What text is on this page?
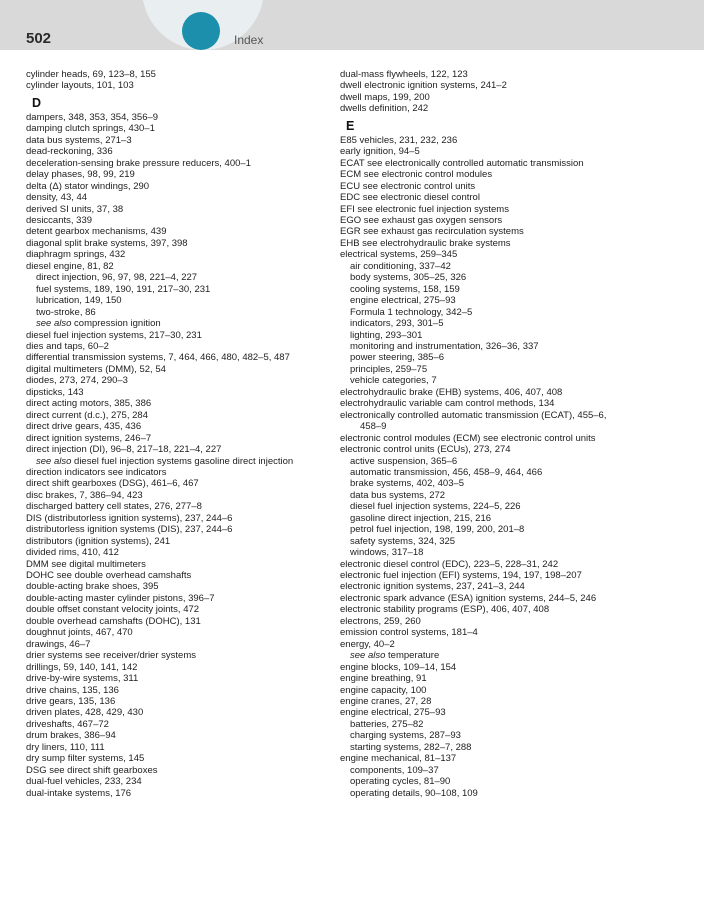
502	Index
cylinder heads, 69, 123–8, 155
cylinder layouts, 101, 103
D
dampers, 348, 353, 354, 356–9
damping clutch springs, 430–1
data bus systems, 271–3
dead-reckoning, 336
deceleration-sensing brake pressure reducers, 400–1
delay phases, 98, 99, 219
delta (Δ) stator windings, 290
density, 43, 44
derived SI units, 37, 38
desiccants, 339
detent gearbox mechanisms, 439
diagonal split brake systems, 397, 398
diaphragm springs, 432
diesel engine, 81, 82
direct injection, 96, 97, 98, 221–4, 227
fuel systems, 189, 190, 191, 217–30, 231
lubrication, 149, 150
two-stroke, 86
see also compression ignition
diesel fuel injection systems, 217–30, 231
dies and taps, 60–2
differential transmission systems, 7, 464, 466, 480, 482–5, 487
digital multimeters (DMM), 52, 54
diodes, 273, 274, 290–3
dipsticks, 143
direct acting motors, 385, 386
direct current (d.c.), 275, 284
direct drive gears, 435, 436
direct ignition systems, 246–7
direct injection (DI), 96–8, 217–18, 221–4, 227
see also diesel fuel injection systems gasoline direct injection
direction indicators see indicators
direct shift gearboxes (DSG), 461–6, 467
disc brakes, 7, 386–94, 423
discharged battery cell states, 276, 277–8
DIS (distributorless ignition systems), 237, 244–6
distributorless ignition systems (DIS), 237, 244–6
distributors (ignition systems), 241
divided rims, 410, 412
DMM see digital multimeters
DOHC see double overhead camshafts
double-acting brake shoes, 395
double-acting master cylinder pistons, 396–7
double offset constant velocity joints, 472
double overhead camshafts (DOHC), 131
doughnut joints, 467, 470
drawings, 46–7
drier systems see receiver/drier systems
drillings, 59, 140, 141, 142
drive-by-wire systems, 311
drive chains, 135, 136
drive gears, 135, 136
driven plates, 428, 429, 430
driveshafts, 467–72
drum brakes, 386–94
dry liners, 110, 111
dry sump filter systems, 145
DSG see direct shift gearboxes
dual-fuel vehicles, 233, 234
dual-intake systems, 176
dual-mass flywheels, 122, 123
dwell electronic ignition systems, 241–2
dwell maps, 199, 200
dwells definition, 242
E
E85 vehicles, 231, 232, 236
early ignition, 94–5
ECAT see electronically controlled automatic transmission
ECM see electronic control modules
ECU see electronic control units
EDC see electronic diesel control
EFI see electronic fuel injection systems
EGO see exhaust gas oxygen sensors
EGR see exhaust gas recirculation systems
EHB see electrohydraulic brake systems
electrical systems, 259–345
air conditioning, 337–42
body systems, 305–25, 326
cooling systems, 158, 159
engine electrical, 275–93
Formula 1 technology, 342–5
indicators, 293, 301–5
lighting, 293–301
monitoring and instrumentation, 326–36, 337
power steering, 385–6
principles, 259–75
vehicle categories, 7
electrohydraulic brake (EHB) systems, 406, 407, 408
electrohydraulic variable cam control methods, 134
electronically controlled automatic transmission (ECAT), 455–6,
458–9
electronic control modules (ECM) see electronic control units
electronic control units (ECUs), 273, 274
active suspension, 365–6
automatic transmission, 456, 458–9, 464, 466
brake systems, 402, 403–5
data bus systems, 272
diesel fuel injection systems, 224–5, 226
gasoline direct injection, 215, 216
petrol fuel injection, 198, 199, 200, 201–8
safety systems, 324, 325
windows, 317–18
electronic diesel control (EDC), 223–5, 228–31, 242
electronic fuel injection (EFI) systems, 194, 197, 198–207
electronic ignition systems, 237, 241–3, 244
electronic spark advance (ESA) ignition systems, 244–5, 246
electronic stability programs (ESP), 406, 407, 408
electrons, 259, 260
emission control systems, 181–4
energy, 40–2
see also temperature
engine blocks, 109–14, 154
engine breathing, 91
engine capacity, 100
engine cranes, 27, 28
engine electrical, 275–93
batteries, 275–82
charging systems, 287–93
starting systems, 282–7, 288
engine mechanical, 81–137
components, 109–37
operating cycles, 81–90
operating details, 90–108, 109
